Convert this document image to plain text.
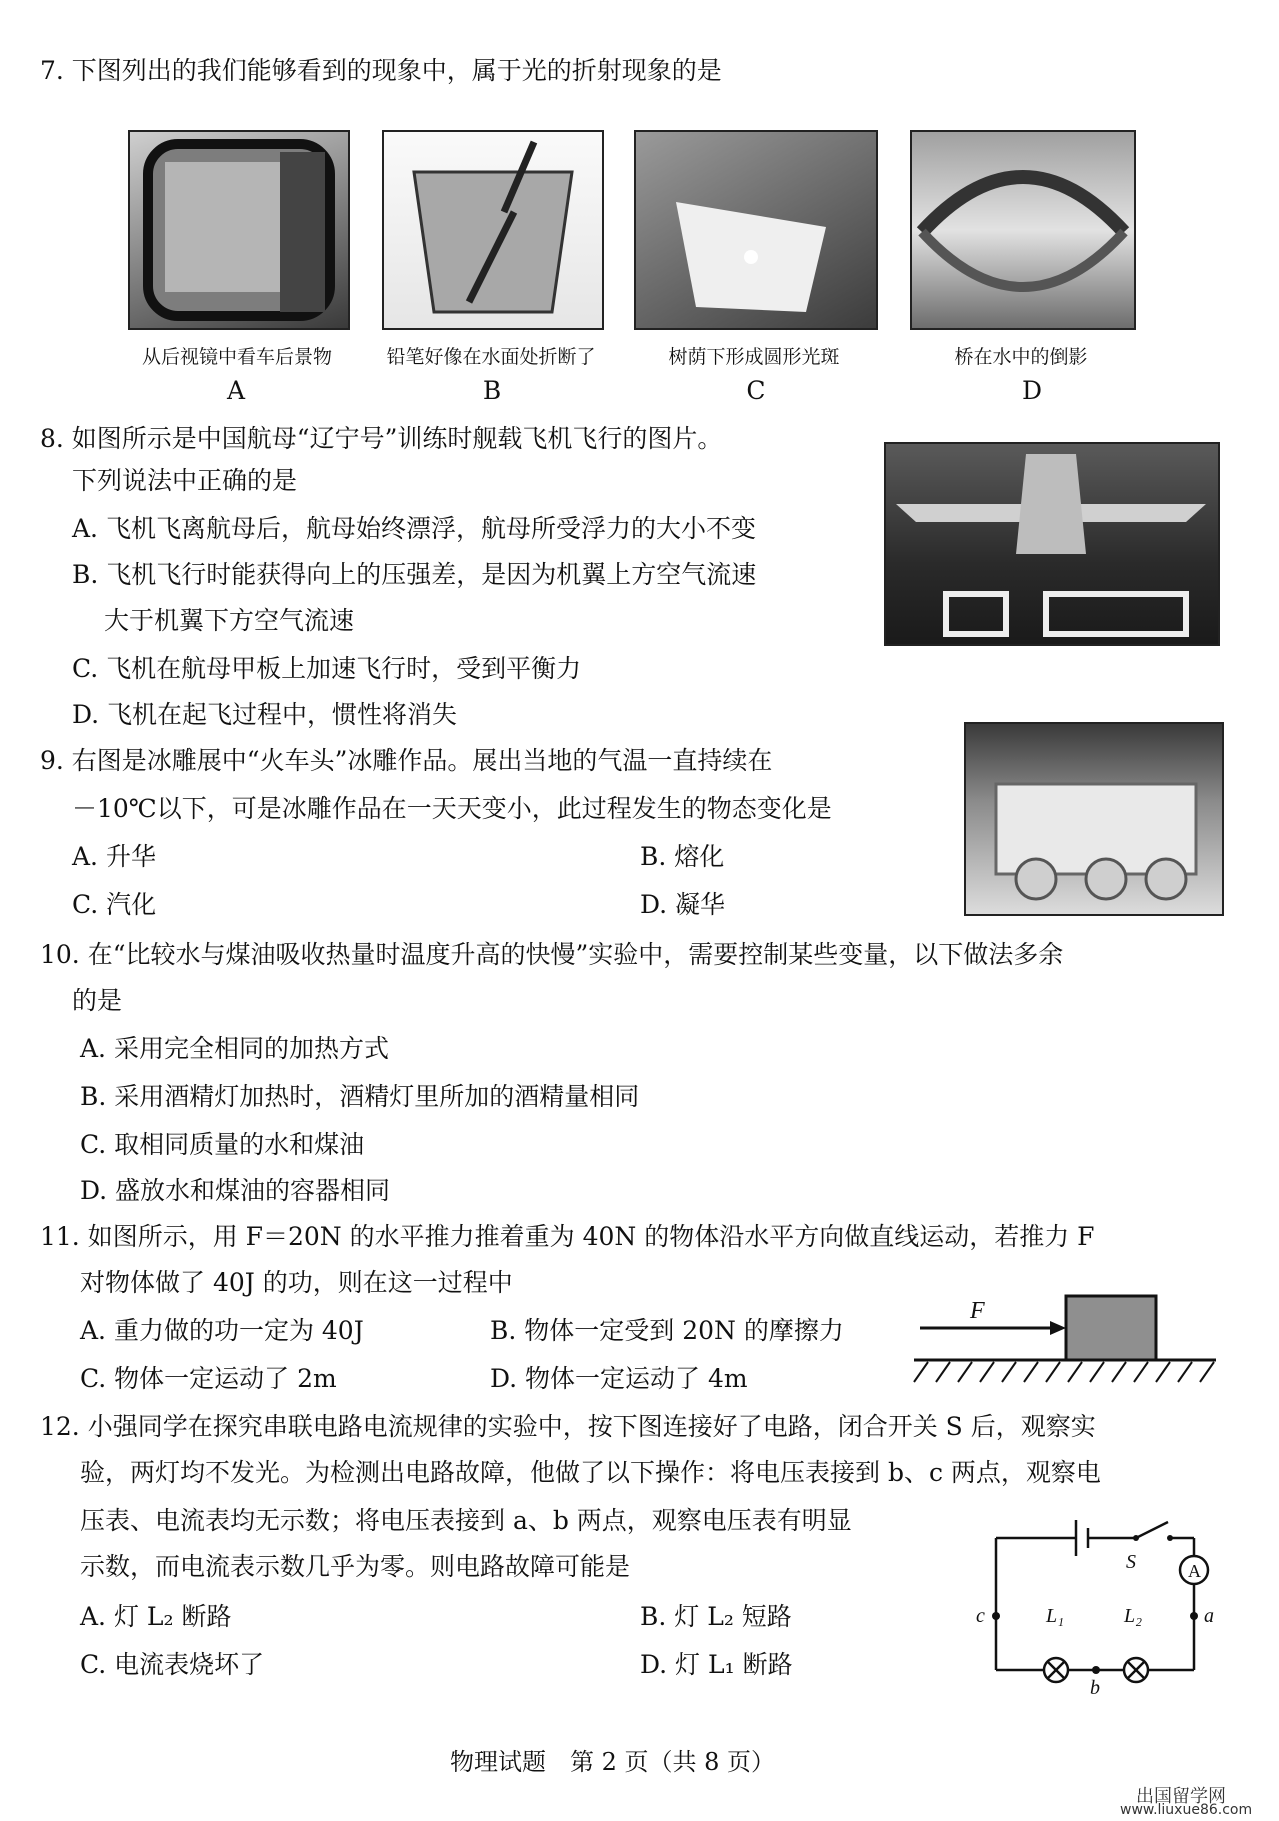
7. 下图列出的我们能够看到的现象中，属于光的折射现象的是
从后视镜中看车后景物	铅笔好像在水面处折断了	树荫下形成圆形光斑	桥在水中的倒影
A	B	C	D
8. 如图所示是中国航母“辽宁号”训练时舰载飞机飞行的图片。
下列说法中正确的是
A. 飞机飞离航母后，航母始终漂浮，航母所受浮力的大小不变
B. 飞机飞行时能获得向上的压强差，是因为机翼上方空气流速
大于机翼下方空气流速
C. 飞机在航母甲板上加速飞行时，受到平衡力
D. 飞机在起飞过程中，惯性将消失
9. 右图是冰雕展中“火车头”冰雕作品。展出当地的气温一直持续在
－10℃以下，可是冰雕作品在一天天变小，此过程发生的物态变化是
A. 升华	B. 熔化
C. 汽化	D. 凝华
10. 在“比较水与煤油吸收热量时温度升高的快慢”实验中，需要控制某些变量，以下做法多余
的是
A. 采用完全相同的加热方式
B. 采用酒精灯加热时，酒精灯里所加的酒精量相同
C. 取相同质量的水和煤油
D. 盛放水和煤油的容器相同
11. 如图所示，用 F＝20N 的水平推力推着重为 40N 的物体沿水平方向做直线运动，若推力 F
对物体做了 40J 的功，则在这一过程中
A. 重力做的功一定为 40J	B. 物体一定受到 20N 的摩擦力
C. 物体一定运动了 2m	D. 物体一定运动了 4m
F
12. 小强同学在探究串联电路电流规律的实验中，按下图连接好了电路，闭合开关 S 后，观察实
验，两灯均不发光。为检测出电路故障，他做了以下操作：将电压表接到 b、c 两点，观察电
压表、电流表均无示数；将电压表接到 a、b 两点，观察电压表有明显
示数，而电流表示数几乎为零。则电路故障可能是
A. 灯 L₂ 断路	B. 灯 L₂ 短路
C. 电流表烧坏了	D. 灯 L₁ 断路
A
S
L₁	L₂
c	a
b
物理试题　第 2 页（共 8 页）
出国留学网
www.liuxue86.com
